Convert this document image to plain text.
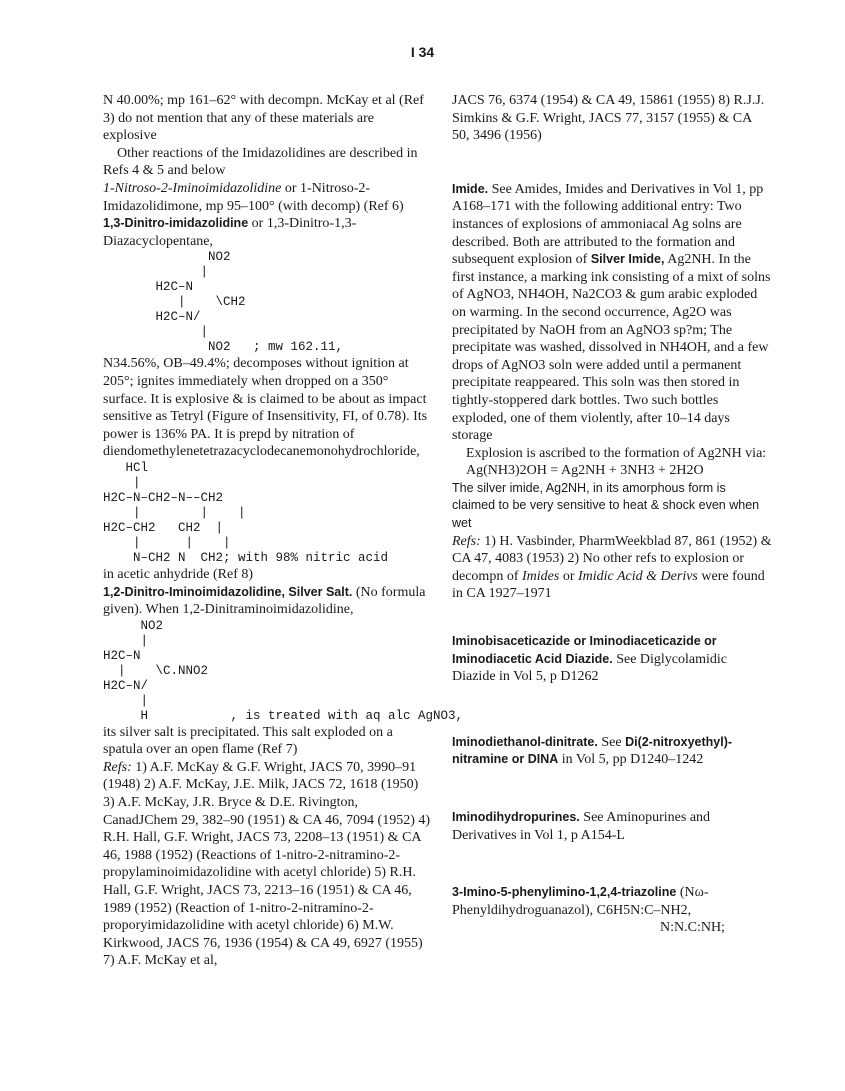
I 34

N 40.00%; mp 161–62° with decompn. McKay et al (Ref 3) do not mention that any of these materials are explosive

Other reactions of the Imidazolidines are described in Refs 4 & 5 and below

1-Nitroso-2-Iminoimidazolidine or 1-Nitroso-2-Imidazolidimone, mp 95–100° (with decomp) (Ref 6)

1,3-Dinitro-imidazolidine or 1,3-Dinitro-1,3-Diazacyclopentane,

NO2
|
H2C–N
|    \CH2
H2C–N/
|
NO2   ; mw 162.11,

N34.56%, OB–49.4%; decomposes without ignition at 205°; ignites immediately when dropped on a 350° surface. It is explosive & is claimed to be about as impact sensitive as Tetryl (Figure of Insensitivity, FI, of 0.78). Its power is 136% PA. It is prepd by nitration of diendomethylenetetrazacyclodecanemonohydrochloride,

HCl
|
H2C–N–CH2–N––CH2
|        |    |
H2C–CH2   CH2  |
|      |    |
N–CH2 N  CH2; with 98% nitric acid

in acetic anhydride (Ref 8)

1,2-Dinitro-Iminoimidazolidine, Silver Salt. (No formula given). When 1,2-Dinitraminoimidazolidine,

NO2
|
H2C–N
|    \C.NNO2
H2C–N/
|
H           , is treated with aq alc AgNO3,

its silver salt is precipitated. This salt exploded on a spatula over an open flame (Ref 7)

Refs: 1) A.F. McKay & G.F. Wright, JACS 70, 3990–91 (1948) 2) A.F. McKay, J.E. Milk, JACS 72, 1618 (1950) 3) A.F. McKay, J.R. Bryce & D.E. Rivington, CanadJChem 29, 382–90 (1951) & CA 46, 7094 (1952) 4) R.H. Hall, G.F. Wright, JACS 73, 2208–13 (1951) & CA 46, 1988 (1952) (Reactions of 1-nitro-2-nitramino-2-propylaminoimidazolidine with acetyl chloride) 5) R.H. Hall, G.F. Wright, JACS 73, 2213–16 (1951) & CA 46, 1989 (1952) (Reaction of 1-nitro-2-nitramino-2-proporyimidazolidine with acetyl chloride) 6) M.W. Kirkwood, JACS 76, 1936 (1954) & CA 49, 6927 (1955) 7) A.F. McKay et al,

JACS 76, 6374 (1954) & CA 49, 15861 (1955) 8) R.J.J. Simkins & G.F. Wright, JACS 77, 3157 (1955) & CA 50, 3496 (1956)

Imide. See Amides, Imides and Derivatives in Vol 1, pp A168–171 with the following additional entry: Two instances of explosions of ammoniacal Ag solns are described. Both are attributed to the formation and subsequent explosion of Silver Imide, Ag2NH. In the first instance, a marking ink consisting of a mixt of solns of AgNO3, NH4OH, Na2CO3 & gum arabic exploded on warming. In the second occurrence, Ag2O was precipitated by NaOH from an AgNO3 sp?m; The precipitate was washed, dissolved in NH4OH, and a few drops of AgNO3 soln were added until a permanent precipitate reappeared. This soln was then stored in tightly-stoppered dark bottles. Two such bottles exploded, one of them violently, after 10–14 days storage

Explosion is ascribed to the formation of Ag2NH via:

Ag(NH3)2OH = Ag2NH + 3NH3 + 2H2O

The silver imide, Ag2NH, in its amorphous form is claimed to be very sensitive to heat & shock even when wet

Refs: 1) H. Vasbinder, PharmWeekblad 87, 861 (1952) & CA 47, 4083 (1953) 2) No other refs to explosion or decompn of Imides or Imidic Acid & Derivs were found in CA 1927–1971

Iminobisaceticazide or Iminodiaceticazide or Iminodiacetic Acid Diazide. See Diglycolamidic Diazide in Vol 5, p D1262

Iminodiethanol-dinitrate. See Di(2-nitroxyethyl)-nitramine or DINA in Vol 5, pp D1240–1242

Iminodihydropurines. See Aminopurines and Derivatives in Vol 1, p A154-L

3-Imino-5-phenylimino-1,2,4-triazoline (Nω-Phenyldihydroguanazol), C6H5N:C–NH2,

N:N.C:NH;
